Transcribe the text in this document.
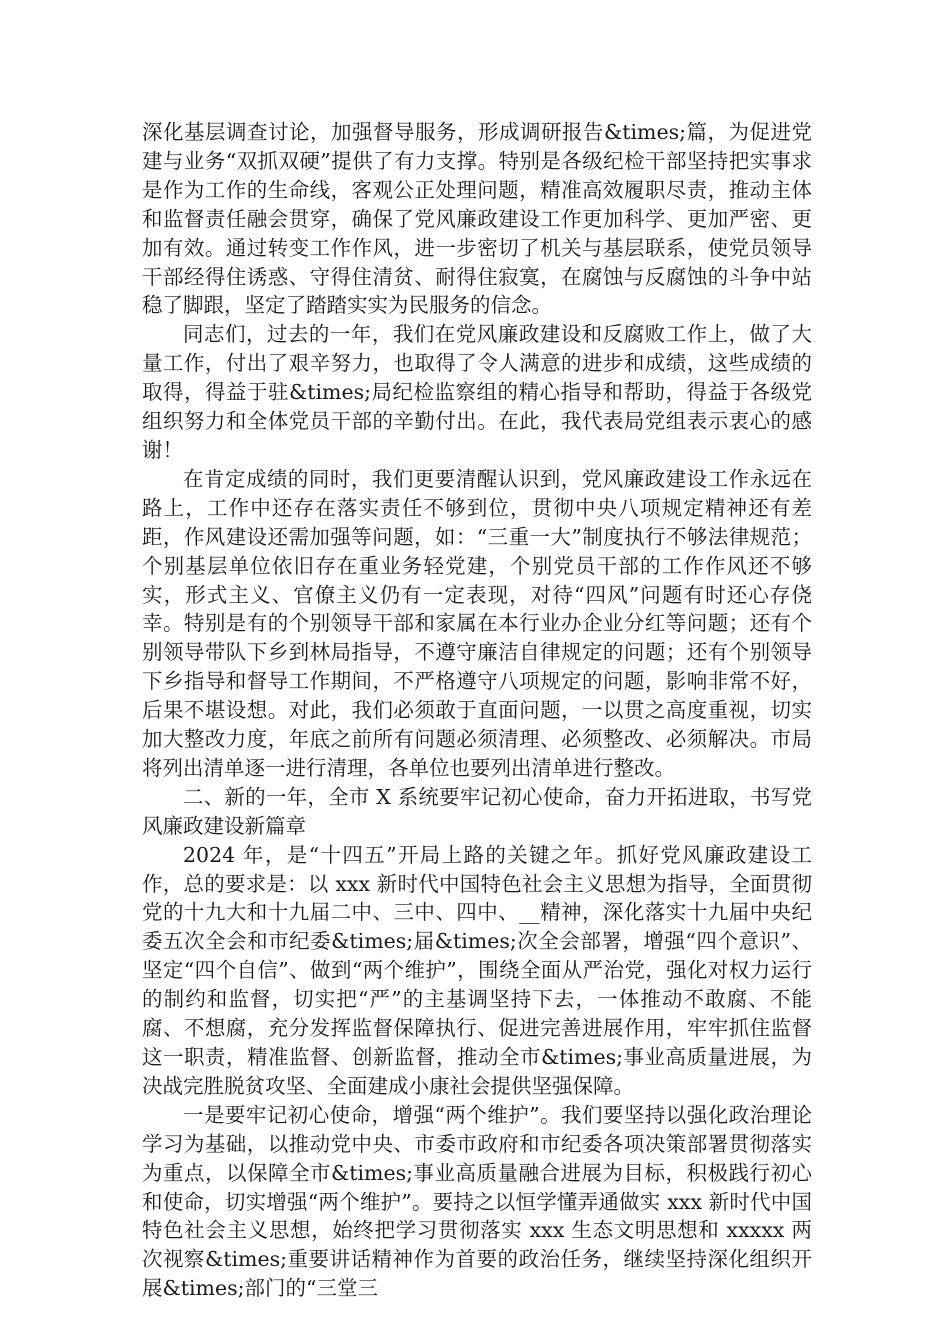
深化基层调查讨论，加强督导服务，形成调研报告&times;篇，为促进党建与业务“双抓双硬”提供了有力支撑。特别是各级纪检干部坚持把实事求是作为工作的生命线，客观公正处理问题，精准高效履职尽责，推动主体和监督责任融会贯穿，确保了党风廉政建设工作更加科学、更加严密、更加有效。通过转变工作作风，进一步密切了机关与基层联系，使党员领导干部经得住诱惑、守得住清贫、耐得住寂寞，在腐蚀与反腐蚀的斗争中站稳了脚跟，坚定了踏踏实实为民服务的信念。

同志们，过去的一年，我们在党风廉政建设和反腐败工作上，做了大量工作，付出了艰辛努力，也取得了令人满意的进步和成绩，这些成绩的取得，得益于驻&times;局纪检监察组的精心指导和帮助，得益于各级党组织努力和全体党员干部的辛勤付出。在此，我代表局党组表示衷心的感谢！

在肯定成绩的同时，我们更要清醒认识到，党风廉政建设工作永远在路上，工作中还存在落实责任不够到位，贯彻中央八项规定精神还有差距，作风建设还需加强等问题，如：“三重一大”制度执行不够法律规范；个别基层单位依旧存在重业务轻党建，个别党员干部的工作作风还不够实，形式主义、官僚主义仍有一定表现，对待“四风”问题有时还心存侥幸。特别是有的个别领导干部和家属在本行业办企业分红等问题；还有个别领导带队下乡到林局指导，不遵守廉洁自律规定的问题；还有个别领导下乡指导和督导工作期间，不严格遵守八项规定的问题，影响非常不好，后果不堪设想。对此，我们必须敢于直面问题，一以贯之高度重视，切实加大整改力度，年底之前所有问题必须清理、必须整改、必须解决。市局将列出清单逐一进行清理，各单位也要列出清单进行整改。

二、新的一年，全市 X 系统要牢记初心使命，奋力开拓进取，书写党风廉政建设新篇章

2024 年，是“十四五”开局上路的关键之年。抓好党风廉政建设工作，总的要求是：以 xxx 新时代中国特色社会主义思想为指导，全面贯彻党的十九大和十九届二中、三中、四中、__精神，深化落实十九届中央纪委五次全会和市纪委&times;届&times;次全会部署，增强“四个意识”、坚定“四个自信”、做到“两个维护”，围绕全面从严治党，强化对权力运行的制约和监督，切实把“严”的主基调坚持下去，一体推动不敢腐、不能腐、不想腐，充分发挥监督保障执行、促进完善进展作用，牢牢抓住监督这一职责，精准监督、创新监督，推动全市&times;事业高质量进展，为决战完胜脱贫攻坚、全面建成小康社会提供坚强保障。

一是要牢记初心使命，增强“两个维护”。我们要坚持以强化政治理论学习为基础，以推动党中央、市委市政府和市纪委各项决策部署贯彻落实为重点，以保障全市&times;事业高质量融合进展为目标，积极践行初心和使命，切实增强“两个维护”。要持之以恒学懂弄通做实 xxx 新时代中国特色社会主义思想，始终把学习贯彻落实 xxx 生态文明思想和 xxxxx 两次视察&times;重要讲话精神作为首要的政治任务，继续坚持深化组织开展&times;部门的“三堂三
